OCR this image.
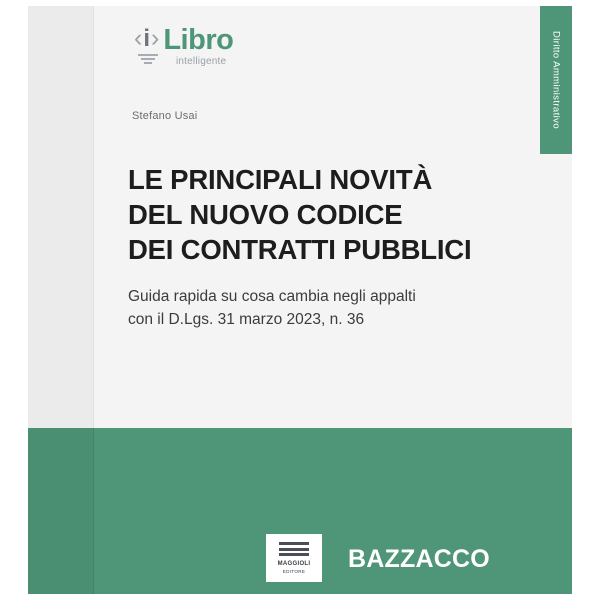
Diritto Amministrativo
‹ i › Libro
intelligente
Stefano Usai
LE PRINCIPALI NOVITÀ
DEL NUOVO CODICE
DEI CONTRATTI PUBBLICI
Guida rapida su cosa cambia negli appalti
con il D.Lgs. 31 marzo 2023, n. 36
MAGGIOLI
EDITORE BAZZACCO
